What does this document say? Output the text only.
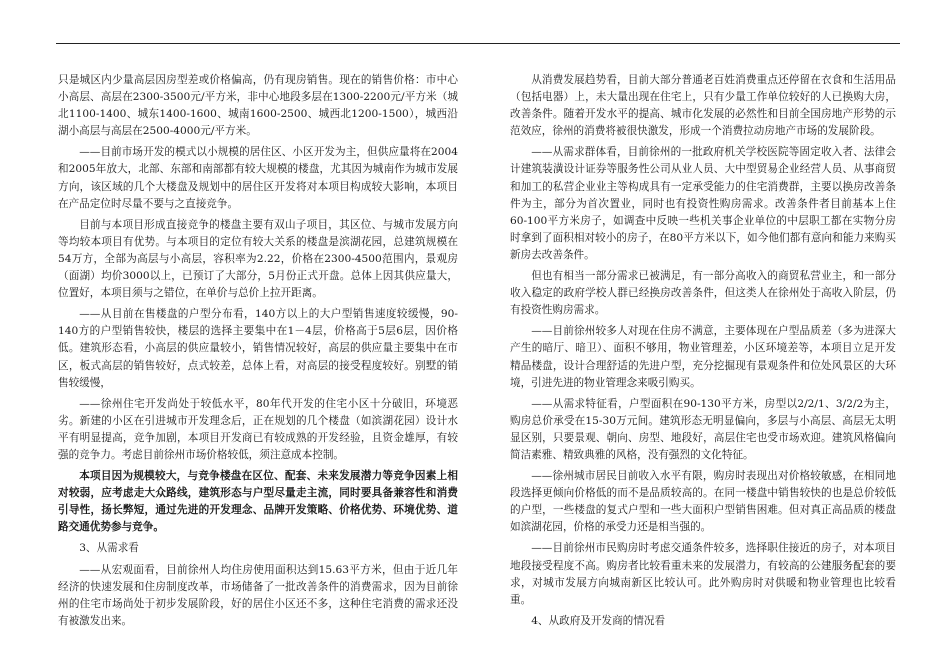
只是城区内少量高层因房型差或价格偏高，仍有现房销售。现在的销售价格：市中心小高层、高层在2300-3500元/平方米，非中心地段多层在1300-2200元/平方米（城北1100-1400、城东1400-1600、城南1600-2500、城西北1200-1500），城西沿湖小高层与高层在2500-4000元/平方米。

——目前市场开发的模式以小规模的居住区、小区开发为主，但供应量将在2004和2005年放大，北部、东部和南部都有较大规模的楼盘，尤其因为城南作为城市发展方向，该区域的几个大楼盘及规划中的居住区开发将对本项目构成较大影响，本项目在产品定位时尽量不要与之直接竞争。

目前与本项目形成直接竞争的楼盘主要有双山子项目，其区位、与城市发展方向等均较本项目有优势。与本项目的定位有较大关系的楼盘是滨湖花园，总建筑规模在54万方，全部为高层与小高层，容积率为2.22，价格在2300-4500范围内，景观房（面湖）均价3000以上，已预订了大部分，5月份正式开盘。总体上因其供应量大，位置好，本项目须与之错位，在单价与总价上拉开距离。

——从目前在售楼盘的户型分布看，140方以上的大户型销售速度较缓慢，90-140方的户型销售较快，楼层的选择主要集中在1－4层，价格高于5层6层，因价格低。建筑形态看，小高层的供应量较小，销售情况较好，高层的供应量主要集中在市区，板式高层的销售较好，点式较差，总体上看，对高层的接受程度较好。别墅的销售较缓慢，

——徐州住宅开发尚处于较低水平，80年代开发的住宅小区十分破旧，环境恶劣。新建的小区在引进城市开发理念后，正在规划的几个楼盘（如滨湖花园）设计水平有明显提高，竞争加剧，本项目开发商已有较成熟的开发经验，且资金雄厚，有较强的竞争力。考虑目前徐州市场价格较低，须注意成本控制。

本项目因为规模较大，与竞争楼盘在区位、配套、未来发展潜力等竞争因素上相对较弱，应考虑走大众路线，建筑形态与户型尽量走主流，同时要具备兼容性和消费引导性，扬长弊短，通过先进的开发理念、品牌开发策略、价格优势、环境优势、道路交通优势参与竞争。

3、从需求看

——从宏观面看，目前徐州人均住房使用面积达到15.63平方米，但由于近几年经济的快速发展和住房制度改革，市场储备了一批改善条件的消费需求，因为目前徐州的住宅市场尚处于初步发展阶段，好的居住小区还不多，这种住宅消费的需求还没有被激发出来。

从消费发展趋势看，目前大部分普通老百姓消费重点还停留在衣食和生活用品（包括电器）上，未大量出现在住宅上，只有少量工作单位较好的人已换购大房，改善条件。随着开发水平的提高、城市化发展的必然性和目前全国房地产形势的示范效应，徐州的消费将被很快激发，形成一个消费拉动房地产市场的发展阶段。

——从需求群体看，目前徐州的一批政府机关学校医院等固定收入者、法律会计建筑装潢设计证券等服务性公司从业人员、大中型贸易企业经营人员、从事商贸和加工的私营企业业主等构成具有一定承受能力的住宅消费群，主要以换房改善条件为主，部分为首次置业，同时也有投资性购房需求。改善条件者目前基本上住60-100平方米房子，如调查中反映一些机关事企业单位的中层职工都在实物分房时拿到了面积相对较小的房子，在80平方米以下，如今他们都有意向和能力来购买新房去改善条件。

但也有相当一部分需求已被满足，有一部分高收入的商贸私营业主，和一部分收入稳定的政府学校人群已经换房改善条件，但这类人在徐州处于高收入阶层，仍有投资性购房需求。

——目前徐州较多人对现在住房不满意，主要体现在户型品质差（多为进深大产生的暗厅、暗卫）、面积不够用，物业管理差，小区环境差等，本项目立足开发精品楼盘，设计合理舒适的先进户型，充分挖掘现有景观条件和位处风景区的大环境，引进先进的物业管理念来吸引购买。

——从需求特征看，户型面积在90-130平方米，房型以2/2/1、3/2/2为主，购房总价承受在15-30万元间。建筑形态无明显偏向，多层与小高层、高层无太明显区别，只要景观、朝向、房型、地段好，高层住宅也受市场欢迎。建筑风格偏向简洁素雅、精致典雅的风格，没有强烈的文化特征。

——徐州城市居民目前收入水平有限，购房时表现出对价格较敏感，在相同地段选择更倾向价格低的而不是品质较高的。在同一楼盘中销售较快的也是总价较低的户型，一些楼盘的复式户型和一些大面积户型销售困难。但对真正高品质的楼盘如滨湖花园，价格的承受力还是相当强的。

——目前徐州市民购房时考虑交通条件较多，选择职住接近的房子，对本项目地段接受程度不高。购房者比较看重未来的发展潜力，有较高的公建服务配套的要求，对城市发展方向城南新区比较认可。此外购房时对供暖和物业管理也比较看重。

4、从政府及开发商的情况看
